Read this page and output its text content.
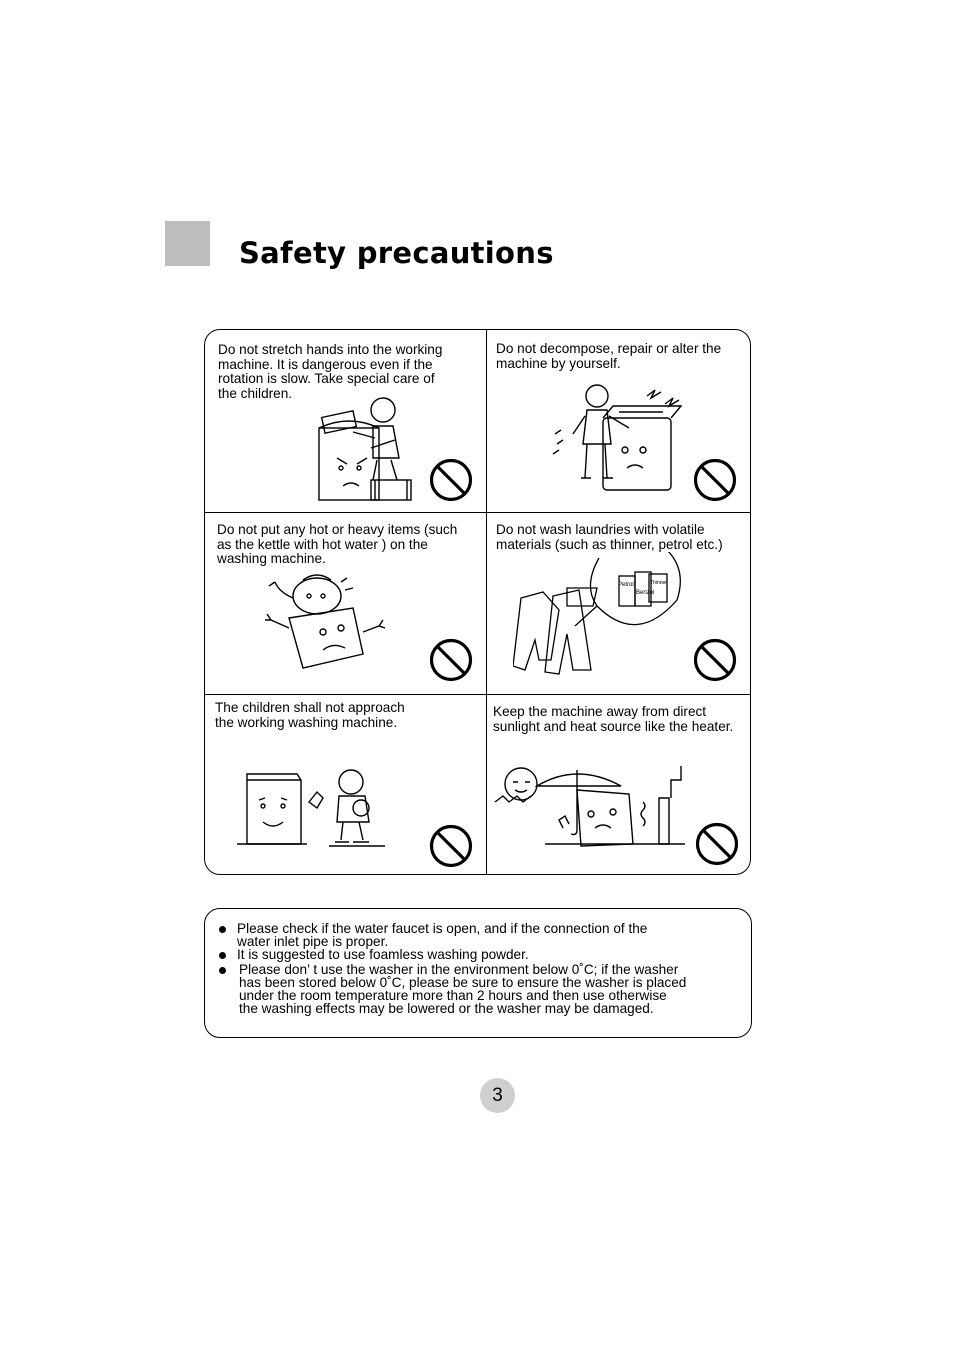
Safety precautions

Do not stretch hands into the working
machine. It is dangerous even if the
rotation is slow. Take special care of
the children.

Do not decompose, repair or alter the
machine by yourself.

Do not put any hot or heavy items (such
as the kettle with hot water ) on the
washing machine.

Do not wash laundries with volatile
materials (such as thinner, petrol etc.)

Petrol
Benzol
Thinner

The children shall not approach
the working washing machine.

Keep the machine away from direct
sunlight and heat source like the heater.

Please check if the water faucet is open, and if the connection of the
water inlet pipe is proper.

It is suggested to use foamless washing powder.

Please don’ t use the washer in the environment below 0˚C; if the washer
has been stored below 0˚C, please be sure to ensure the washer is placed
under the room temperature more than 2 hours and then use otherwise
the washing effects may be lowered or the washer may be damaged.

3
